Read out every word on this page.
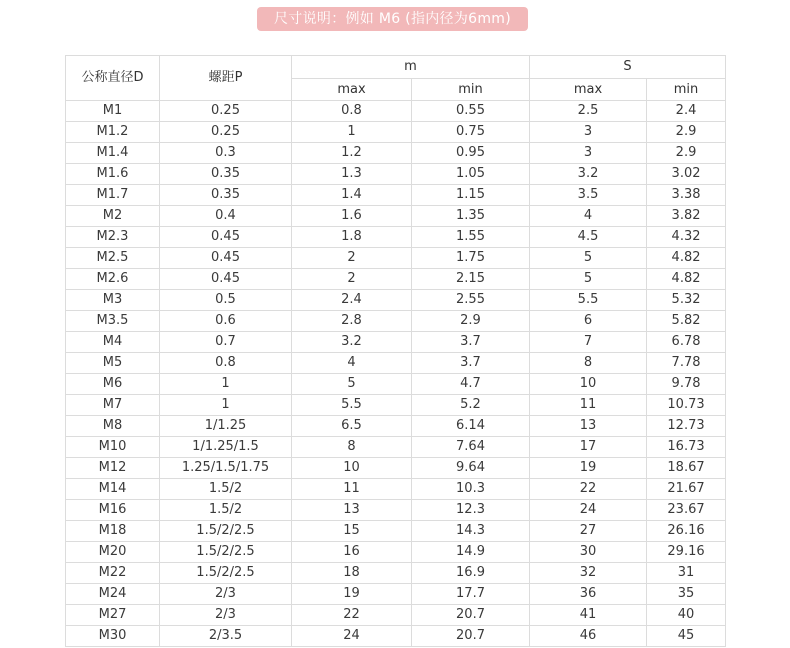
尺寸说明：例如 M6 (指内径为6mm)
公称直径D	螺距P	m		S	
		max	min	max	min
M1	0.25	0.8	0.55	2.5	2.4
M1.2	0.25	1	0.75	3	2.9
M1.4	0.3	1.2	0.95	3	2.9
M1.6	0.35	1.3	1.05	3.2	3.02
M1.7	0.35	1.4	1.15	3.5	3.38
M2	0.4	1.6	1.35	4	3.82
M2.3	0.45	1.8	1.55	4.5	4.32
M2.5	0.45	2	1.75	5	4.82
M2.6	0.45	2	2.15	5	4.82
M3	0.5	2.4	2.55	5.5	5.32
M3.5	0.6	2.8	2.9	6	5.82
M4	0.7	3.2	3.7	7	6.78
M5	0.8	4	3.7	8	7.78
M6	1	5	4.7	10	9.78
M7	1	5.5	5.2	11	10.73
M8	1/1.25	6.5	6.14	13	12.73
M10	1/1.25/1.5	8	7.64	17	16.73
M12	1.25/1.5/1.75	10	9.64	19	18.67
M14	1.5/2	11	10.3	22	21.67
M16	1.5/2	13	12.3	24	23.67
M18	1.5/2/2.5	15	14.3	27	26.16
M20	1.5/2/2.5	16	14.9	30	29.16
M22	1.5/2/2.5	18	16.9	32	31
M24	2/3	19	17.7	36	35
M27	2/3	22	20.7	41	40
M30	2/3.5	24	20.7	46	45
